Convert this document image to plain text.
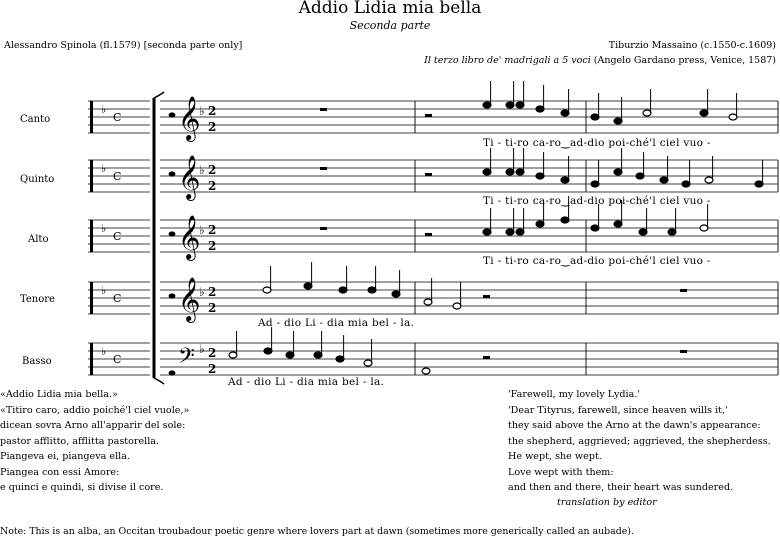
Addio Lidia mia bella
Seconda parte
Alessandro Spinola (fl.1579) [seconda parte only]	Tiburzio Massaino (c.1550-c.1609)
Il terzo libro de' madrigali a 5 voci (Angelo Gardano press, Venice, 1587)
Canto
Quinto
Alto
Tenore
Basso
C
♭ 𝄞
♭ 2
2
C
♭ 𝄞
♭ 2
2
C
♭ 𝄞
♭ 2
2
C
♭ 𝄞
♭ 2
2
C
♭	𝄢 ♭ 2
2
Ti - ti-ro ca-ro‿ad-dio poi-ché'l ciel vuo -
Ti - ti-ro ca-ro‿ad-dio poi-ché'l ciel vuo -
Ti - ti-ro ca-ro‿ad-dio poi-ché'l ciel vuo -
Ad - dio Li - dia mia bel - la.
Ad - dio Li - dia mia bel - la.
«Addio Lidia mia bella.»
«Titiro caro, addio poiché'l ciel vuole,»
dicean sovra Arno all'apparir del sole:
pastor afflitto, afflitta pastorella.
Piangeva ei, piangeva ella.
Piangea con essi Amore:
e quinci e quindi, si divise il core.
'Farewell, my lovely Lydia.'
'Dear Tityrus, farewell, since heaven wills it,'
they said above the Arno at the dawn's appearance:
the shepherd, aggrieved; aggrieved, the shepherdess.
He wept, she wept.
Love wept with them:
and then and there, their heart was sundered.
translation by editor
Note: This is an alba, an Occitan troubadour poetic genre where lovers part at dawn (sometimes more generically called an aubade).
